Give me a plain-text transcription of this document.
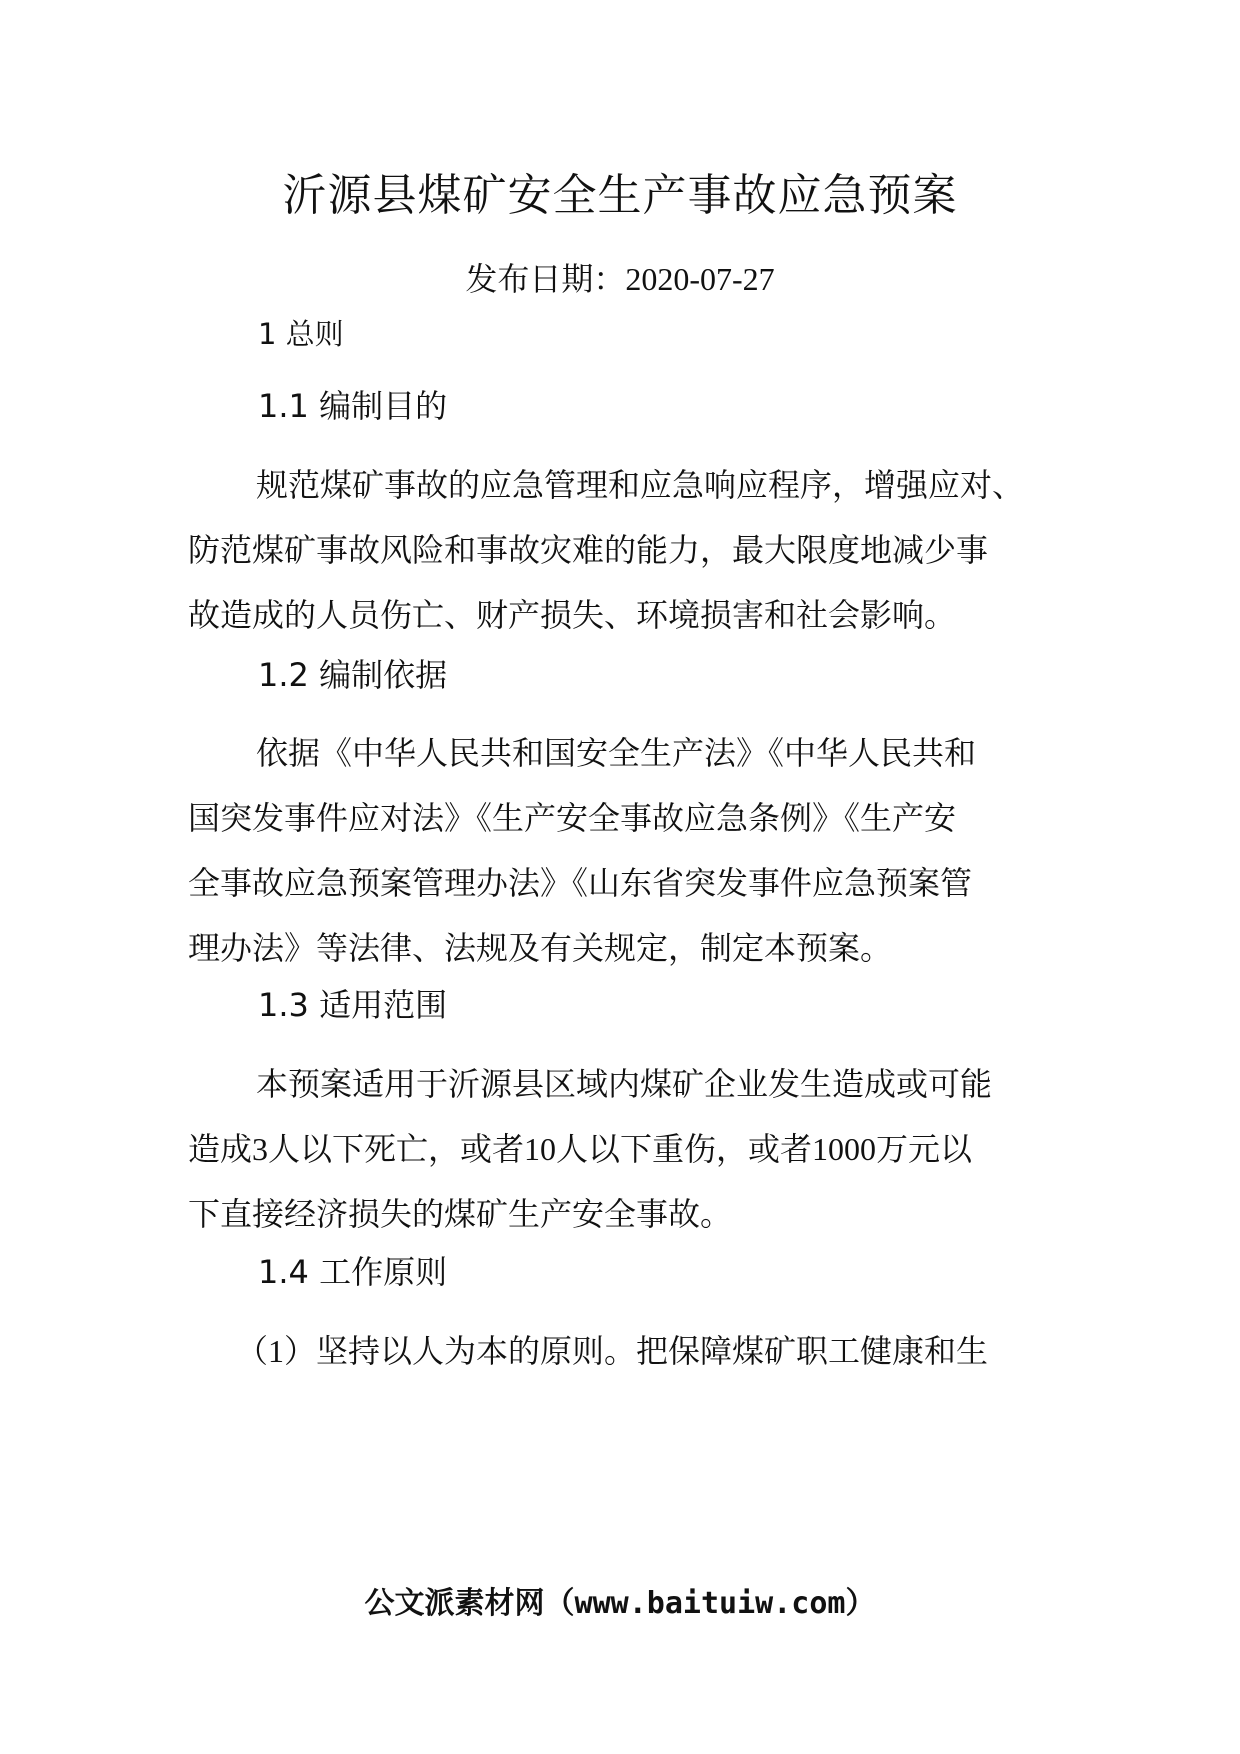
沂源县煤矿安全生产事故应急预案
发布日期：2020-07-27
1 总则
1.1 编制目的

规范煤矿事故的应急管理和应急响应程序，增强应对、
防范煤矿事故风险和事故灾难的能力，最大限度地减少事
故造成的人员伤亡、财产损失、环境损害和社会影响。

1.2 编制依据

依据《中华人民共和国安全生产法》《中华人民共和
国突发事件应对法》《生产安全事故应急条例》《生产安
全事故应急预案管理办法》《山东省突发事件应急预案管
理办法》等法律、法规及有关规定，制定本预案。

1.3 适用范围

本预案适用于沂源县区域内煤矿企业发生造成或可能
造成3人以下死亡，或者10人以下重伤，或者1000万元以
下直接经济损失的煤矿生产安全事故。

1.4 工作原则

（1）坚持以人为本的原则。把保障煤矿职工健康和生

公文派素材网（www.baituiw.com）
